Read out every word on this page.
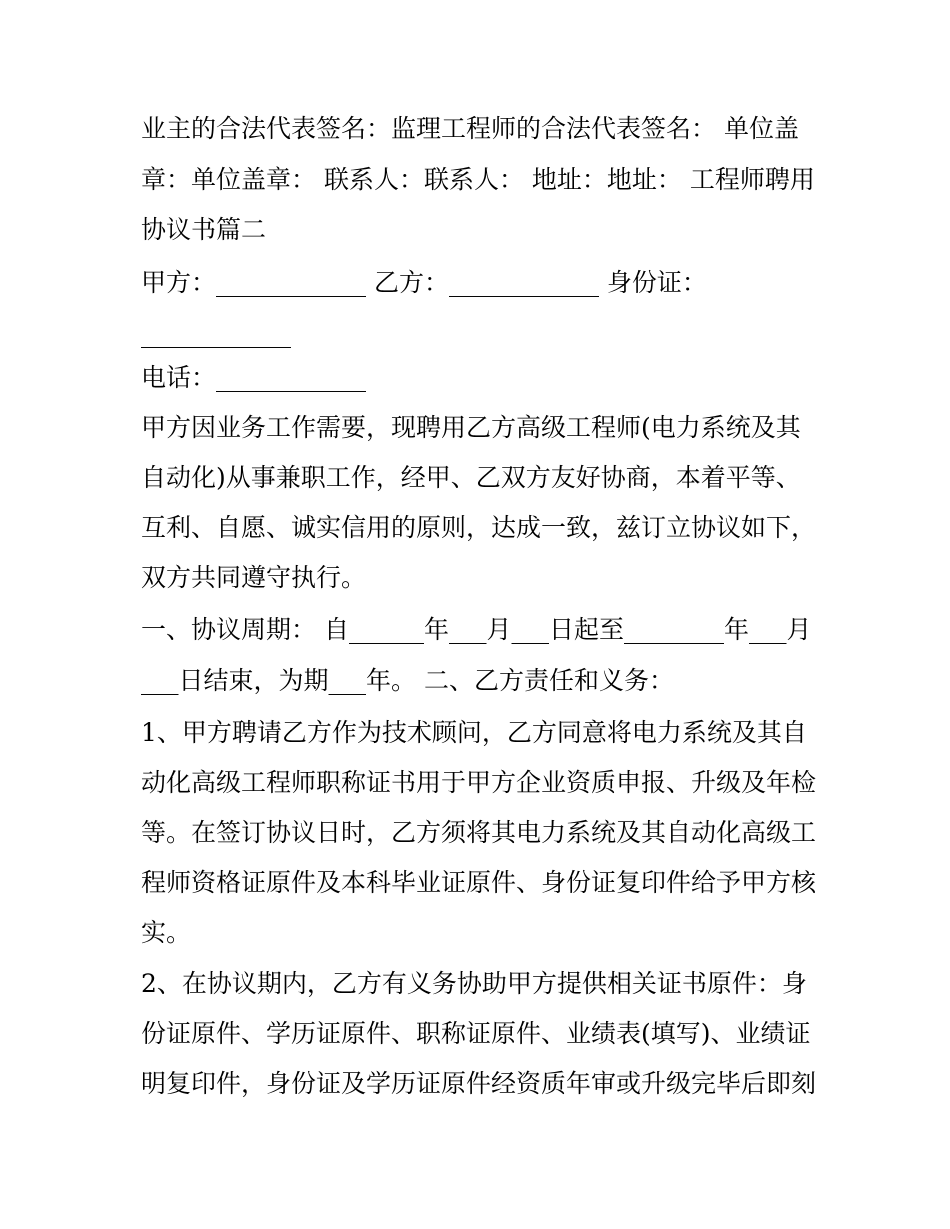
业主的合法代表签名：监理工程师的合法代表签名： 单位盖

章：单位盖章： 联系人：联系人： 地址：地址： 工程师聘用

协议书篇二

甲方：____________ 乙方：____________ 身份证：

____________

电话：____________

甲方因业务工作需要，现聘用乙方高级工程师(电力系统及其

自动化)从事兼职工作，经甲、乙双方友好协商，本着平等、

互利、自愿、诚实信用的原则，达成一致，兹订立协议如下，

双方共同遵守执行。

一、协议周期： 自______年___月___日起至________年___月

___日结束，为期___年。 二、乙方责任和义务：

1、甲方聘请乙方作为技术顾问，乙方同意将电力系统及其自

动化高级工程师职称证书用于甲方企业资质申报、升级及年检

等。在签订协议日时，乙方须将其电力系统及其自动化高级工

程师资格证原件及本科毕业证原件、身份证复印件给予甲方核

实。

2、在协议期内，乙方有义务协助甲方提供相关证书原件：身

份证原件、学历证原件、职称证原件、业绩表(填写)、业绩证

明复印件，身份证及学历证原件经资质年审或升级完毕后即刻
